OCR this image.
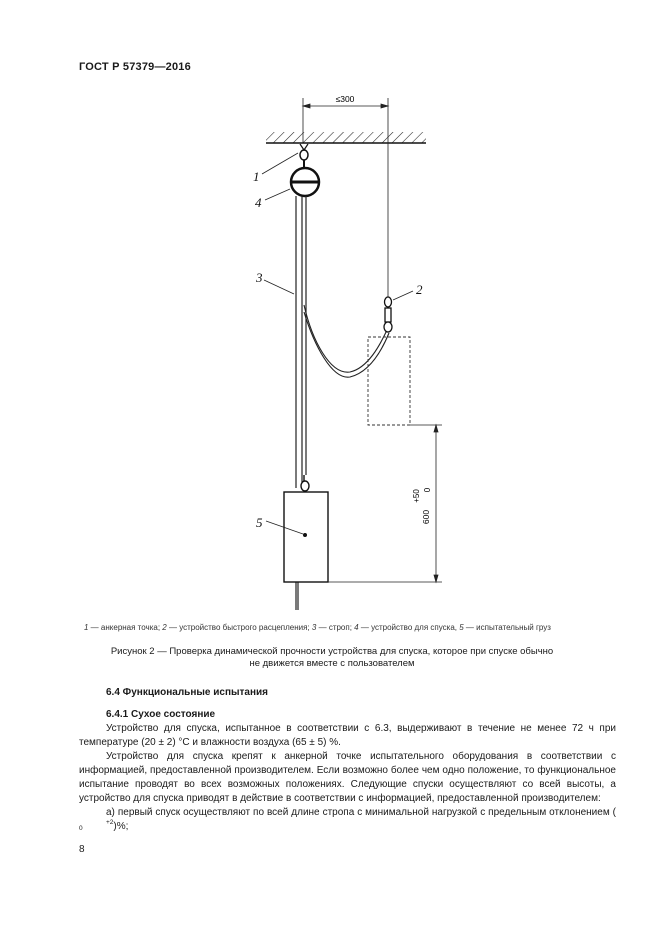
ГОСТ Р 57379—2016
≤300
+50 0
600
1
4
3
2
5
1 — анкерная точка; 2 — устройство быстрого расцепления; 3 — строп; 4 — устройство для спуска, 5 — испытательный груз
Рисунок 2 — Проверка динамической прочности устройства для спуска, которое при спуске обычно
не движется вместе с пользователем
6.4 Функциональные испытания
6.4.1 Сухое состояние

Устройство для спуска, испытанное в соответствии с 6.3, выдерживают в течение не менее 72 ч при температуре (20 ± 2) °С и влажности воздуха (65 ± 5) %.

Устройство для спуска крепят к анкерной точке испытательного оборудования в соответствии с информацией, предоставленной производителем. Если возможно более чем одно положение, то функциональное испытание проводят во всех возможных положениях. Следующие спуски осуществляют со всей высоты, а устройство для спуска приводят в действие в соответствии с информацией, предоставленной производителем:

а) первый спуск осуществляют по всей длине стропа с минимальной нагрузкой с предельным отклонением (+2
0	)%;

8
